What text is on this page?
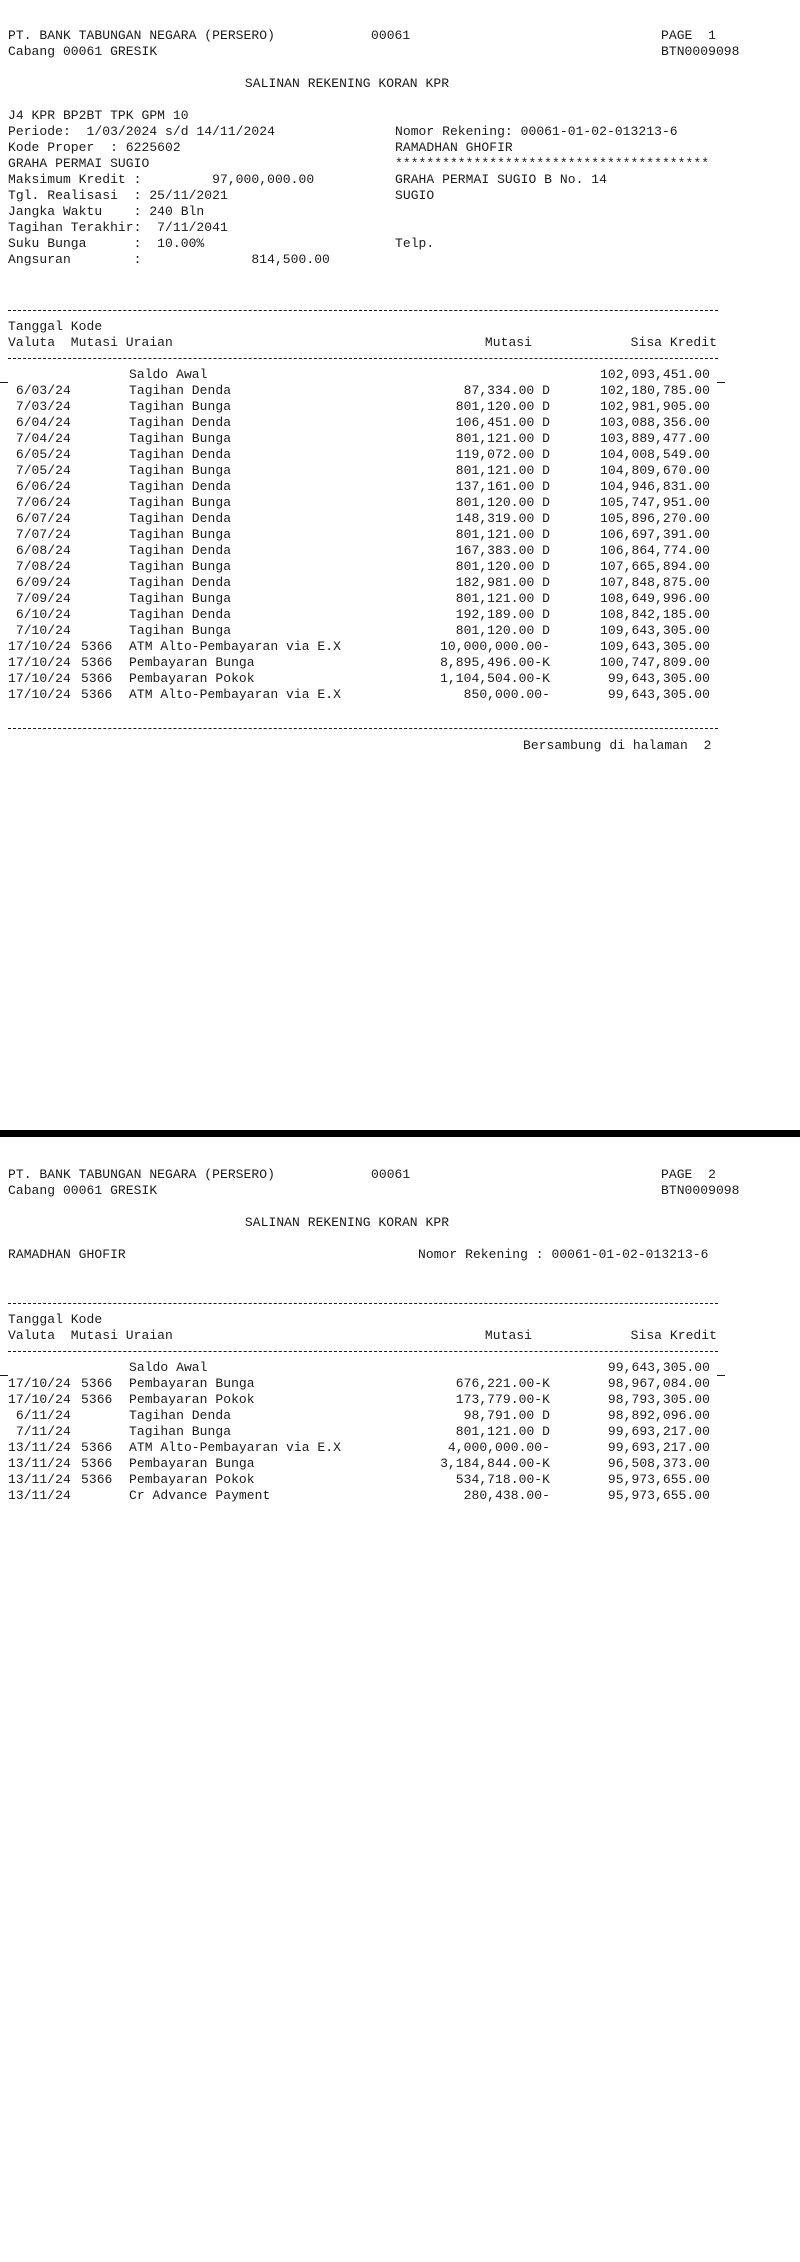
PT. BANK TABUNGAN NEGARA (PERSERO)	00061	PAGE  1
Cabang 00061 GRESIK	BTN0009098
SALINAN REKENING KORAN KPR
J4 KPR BP2BT TPK GPM 10
Periode:  1/03/2024 s/d 14/11/2024
Kode Proper  : 6225602
GRAHA PERMAI SUGIO
Maksimum Kredit :         97,000,000.00
Tgl. Realisasi  : 25/11/2021
Jangka Waktu    : 240 Bln
Tagihan Terakhir:  7/11/2041
Suku Bunga      :  10.00%
Angsuran        :              814,500.00
Nomor Rekening: 00061-01-02-013213-6
RAMADHAN GHOFIR
****************************************
GRAHA PERMAI SUGIO B No. 14
SUGIO
Telp.
Tanggal Kode
Valuta  Mutasi Uraian	Mutasi	Sisa Kredit
Saldo Awal	102,093,451.00
6/03/24	Tagihan Denda	87,334.00 D	102,180,785.00
7/03/24	Tagihan Bunga	801,120.00 D	102,981,905.00
6/04/24	Tagihan Denda	106,451.00 D	103,088,356.00
7/04/24	Tagihan Bunga	801,121.00 D	103,889,477.00
6/05/24	Tagihan Denda	119,072.00 D	104,008,549.00
7/05/24	Tagihan Bunga	801,121.00 D	104,809,670.00
6/06/24	Tagihan Denda	137,161.00 D	104,946,831.00
7/06/24	Tagihan Bunga	801,120.00 D	105,747,951.00
6/07/24	Tagihan Denda	148,319.00 D	105,896,270.00
7/07/24	Tagihan Bunga	801,121.00 D	106,697,391.00
6/08/24	Tagihan Denda	167,383.00 D	106,864,774.00
7/08/24	Tagihan Bunga	801,120.00 D	107,665,894.00
6/09/24	Tagihan Denda	182,981.00 D	107,848,875.00
7/09/24	Tagihan Bunga	801,121.00 D	108,649,996.00
6/10/24	Tagihan Denda	192,189.00 D	108,842,185.00
7/10/24	Tagihan Bunga	801,120.00 D	109,643,305.00
17/10/24 5366 ATM Alto-Pembayaran via E.X	10,000,000.00-	109,643,305.00
17/10/24 5366 Pembayaran Bunga	8,895,496.00-K	100,747,809.00
17/10/24 5366 Pembayaran Pokok	1,104,504.00-K	99,643,305.00
17/10/24 5366 ATM Alto-Pembayaran via E.X	850,000.00-	99,643,305.00
Bersambung di halaman  2
PT. BANK TABUNGAN NEGARA (PERSERO)	00061	PAGE  2
Cabang 00061 GRESIK	BTN0009098
SALINAN REKENING KORAN KPR
RAMADHAN GHOFIR	Nomor Rekening : 00061-01-02-013213-6
Tanggal Kode
Valuta  Mutasi Uraian	Mutasi	Sisa Kredit
Saldo Awal	99,643,305.00
17/10/24 5366 Pembayaran Bunga	676,221.00-K	98,967,084.00
17/10/24 5366 Pembayaran Pokok	173,779.00-K	98,793,305.00
6/11/24	Tagihan Denda	98,791.00 D	98,892,096.00
7/11/24	Tagihan Bunga	801,121.00 D	99,693,217.00
13/11/24 5366 ATM Alto-Pembayaran via E.X	4,000,000.00-	99,693,217.00
13/11/24 5366 Pembayaran Bunga	3,184,844.00-K	96,508,373.00
13/11/24 5366 Pembayaran Pokok	534,718.00-K	95,973,655.00
13/11/24	Cr Advance Payment	280,438.00-	95,973,655.00
